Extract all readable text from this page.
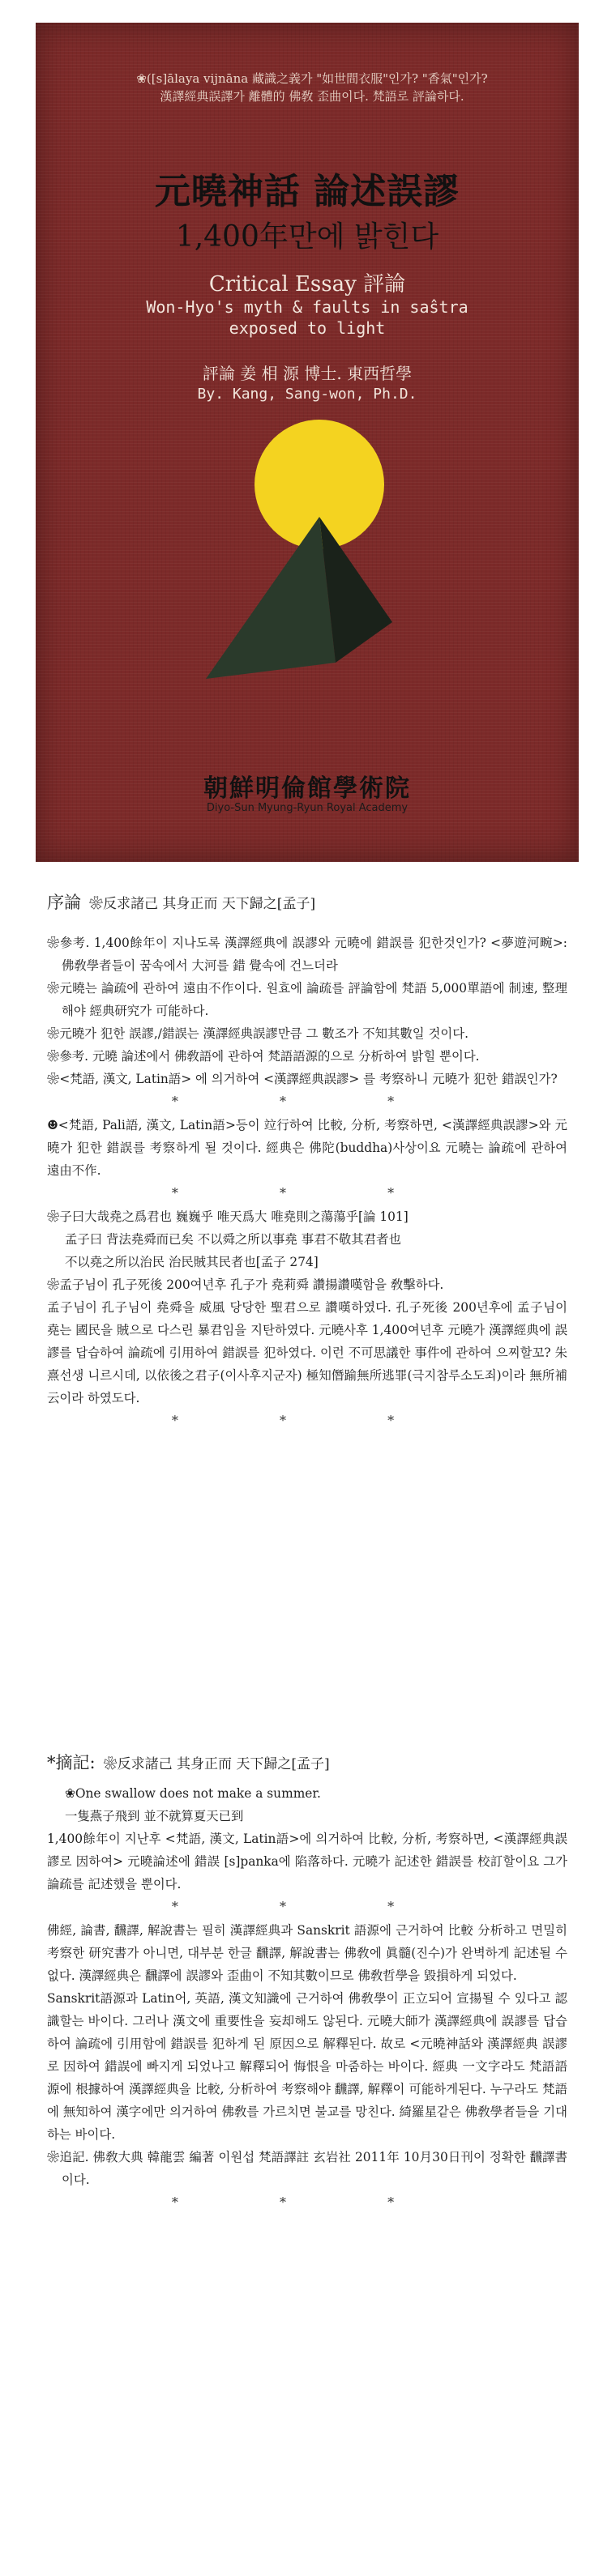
❀([s]ālaya vijnāna 藏識之義가 "如世間衣服"인가? "香氣"인가?
漢譯經典誤譯가 離體的 佛敎 歪曲이다. 梵語로 評論하다.
元曉神話 論述誤謬
1,400年만에 밝힌다
Critical Essay 評論
Won-Hyo's myth & faults in saŝtra
exposed to light
評論 姜 相 源 博士. 東西哲學
By. Kang, Sang-won, Ph.D.
朝鮮明倫館學術院
Diyo-Sun Myung-Ryun Royal Academy
序論 ❀反求諸己 其身正而 天下歸之[孟子]
❀參考. 1,400餘年이 지나도록 漢譯經典에 誤謬와 元曉에 錯誤를 犯한것인가? <夢遊河畹>: 佛敎學者들이 꿈속에서 大河를 錯 覺속에 건느더라
❀元曉는 論疏에 관하여 遠由不作이다. 원효에 論疏를 評論함에 梵語 5,000單語에 制速, 整理해야 經典研究가 可能하다.
❀元曉가 犯한 誤謬,/錯誤는 漢譯經典誤謬만큼 그 數조가 不知其數일 것이다.
❀參考. 元曉 論述에서 佛敎語에 관하여 梵語語源的으로 分析하여 밝힐 뿐이다.
❀<梵語, 漢文, Latin語> 에 의거하여 <漢譯經典誤謬> 를 考察하니 元曉가 犯한 錯誤인가?
* * *
☻<梵語, Pali語, 漢文, Latin語>등이 竝行하여 比較, 分析, 考察하면, <漢譯經典誤謬>와 元曉가 犯한 錯誤를 考察하게 될 것이다. 經典은 佛陀(buddha)사상이요 元曉는 論疏에 관하여 遠由不作.
* * *
❀子曰大哉堯之爲君也 巍巍乎 唯天爲大 唯堯則之蕩蕩乎[論 101]
孟子曰 背法堯舜而已矣 不以舜之所以事堯 事君不敬其君者也
不以堯之所以治民 治民賊其民者也[孟子 274]
❀孟子님이 孔子死後 200여년후 孔子가 堯莉舜 讚揚讚嘆함을 敎擊하다.
孟子님이 孔子님이 堯舜을 威風 당당한 聖君으로 讚嘆하였다. 孔子死後 200년후에 孟子님이 堯는 國民을 賊으로 다스린 暴君임을 지탄하였다. 元曉사후 1,400여년후 元曉가 漢譯經典에 誤謬를 답습하여 論疏에 引用하여 錯誤를 犯하였다. 이런 不可思議한 事件에 관하여 으찌할꼬? 朱熹선생 니르시데, 以依後之君子(이사후지군자) 極知僭踰無所逃罪(극지참루소도죄)이라 無所補云이라 하였도다.
* * *
*摘記: ❀反求諸己 其身正而 天下歸之[孟子]
❀One swallow does not make a summer.
一隻燕子飛到 並不就算夏天已到
1,400餘年이 지난후 <梵語, 漢文, Latin語>에 의거하여 比較, 分析, 考察하면, <漢譯經典誤謬로 因하여> 元曉論述에 錯誤 [s]panka에 陷落하다. 元曉가 記述한 錯誤를 校訂할이요 그가 論疏를 記述했을 뿐이다.
* * *
佛經, 論書, 飜譯, 解說書는 필히 漢譯經典과 Sanskrit 語源에 근거하여 比較 分析하고 면밀히 考察한 研究書가 아니면, 대부분 한글 飜譯, 解說書는 佛敎에 眞髓(진수)가 완벽하게 記述될 수 없다. 漢譯經典은 飜譯에 誤謬와 歪曲이 不知其數이므로 佛敎哲學을 毀損하게 되었다.
Sanskrit語源과 Latin어, 英語, 漢文知識에 근거하여 佛敎學이 正立되어 宣揚될 수 있다고 認識할는 바이다. 그러나 漢文에 重要性을 妄却해도 않된다. 元曉大師가 漢譯經典에 誤謬를 답습하여 論疏에 引用함에 錯誤를 犯하게 된 原因으로 解釋된다. 故로 <元曉神話와 漢譯經典 誤謬로 因하여 錯誤에 빠지게 되었나고 解釋되어 悔恨을 마줌하는 바이다. 經典 一文字라도 梵語語源에 根據하여 漢譯經典을 比較, 分析하여 考察해야 飜譯, 解釋이 可能하게된다. 누구라도 梵語에 無知하여 漢字에만 의거하여 佛敎를 가르치면 불교를 망친다. 綺羅星같은 佛敎學者들을 기대하는 바이다.
❀追記. 佛敎大典 韓龍雲 編著 이원섭 梵語譯註 玄岩社 2011年 10月30日刊이 정확한 飜譯書이다.
* * *
